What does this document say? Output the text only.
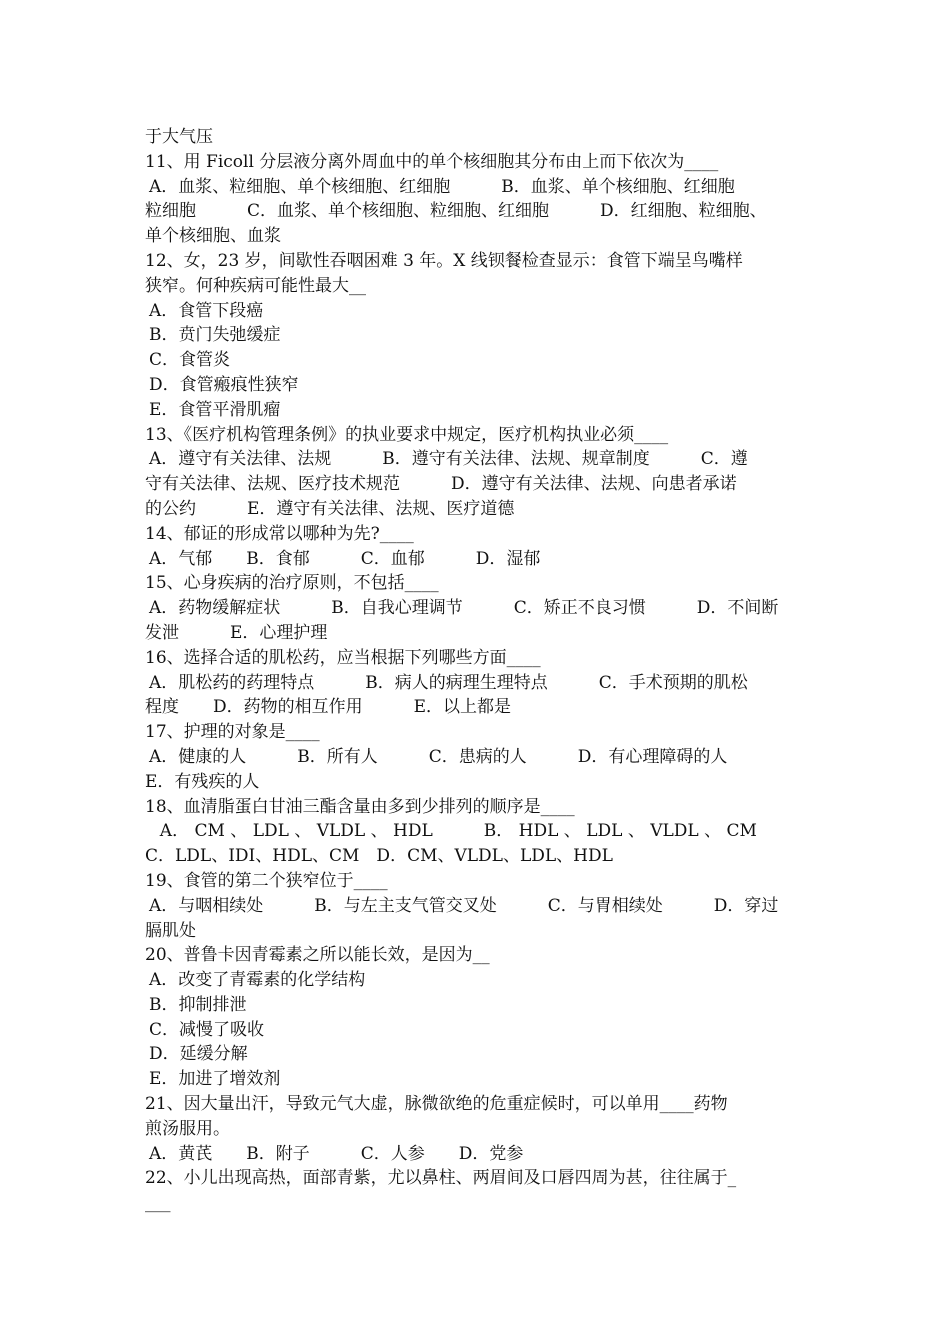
于大气压
11、用 Ficoll 分层液分离外周血中的单个核细胞其分布由上而下依次为____
A．血浆、粒细胞、单个核细胞、红细胞　　　B．血浆、单个核细胞、红细胞
粒细胞　　　C．血浆、单个核细胞、粒细胞、红细胞　　　D．红细胞、粒细胞、
单个核细胞、血浆
12、女，23 岁，间歇性吞咽困难 3 年。X 线钡餐检查显示：食管下端呈鸟嘴样
狭窄。何种疾病可能性最大__
A．食管下段癌
B．贲门失弛缓症
C．食管炎
D．食管瘢痕性狭窄
E．食管平滑肌瘤
13、《医疗机构管理条例》的执业要求中规定，医疗机构执业必须____
A．遵守有关法律、法规　　　B．遵守有关法律、法规、规章制度　　　C．遵
守有关法律、法规、医疗技术规范　　　D．遵守有关法律、法规、向患者承诺
的公约　　　E．遵守有关法律、法规、医疗道德
14、郁证的形成常以哪种为先?____
A．气郁　　B．食郁　　　C．血郁　　　D．湿郁
15、心身疾病的治疗原则，不包括____
A．药物缓解症状　　　B．自我心理调节　　　C．矫正不良习惯　　　D．不间断
发泄　　　E．心理护理
16、选择合适的肌松药，应当根据下列哪些方面____
A．肌松药的药理特点　　　B．病人的病理生理特点　　　C．手术预期的肌松
程度　　D．药物的相互作用　　　E．以上都是
17、护理的对象是____
A．健康的人　　　B．所有人　　　C．患病的人　　　D．有心理障碍的人
E．有残疾的人
18、血清脂蛋白甘油三酯含量由多到少排列的顺序是____
A． CM 、 LDL 、 VLDL 、 HDL　　　B． HDL 、 LDL 、 VLDL 、 CM
C．LDL、IDI、HDL、CM　D．CM、VLDL、LDL、HDL
19、食管的第二个狭窄位于____
A．与咽相续处　　　B．与左主支气管交叉处　　　C．与胃相续处　　　D．穿过
膈肌处
20、普鲁卡因青霉素之所以能长效，是因为__
A．改变了青霉素的化学结构
B．抑制排泄
C．减慢了吸收
D．延缓分解
E．加进了增效剂
21、因大量出汗，导致元气大虚，脉微欲绝的危重症候时，可以单用____药物
煎汤服用。
A．黄芪　　B．附子　　　C．人参　　D．党参
22、小儿出现高热，面部青紫，尤以鼻柱、两眉间及口唇四周为甚，往往属于_
___
